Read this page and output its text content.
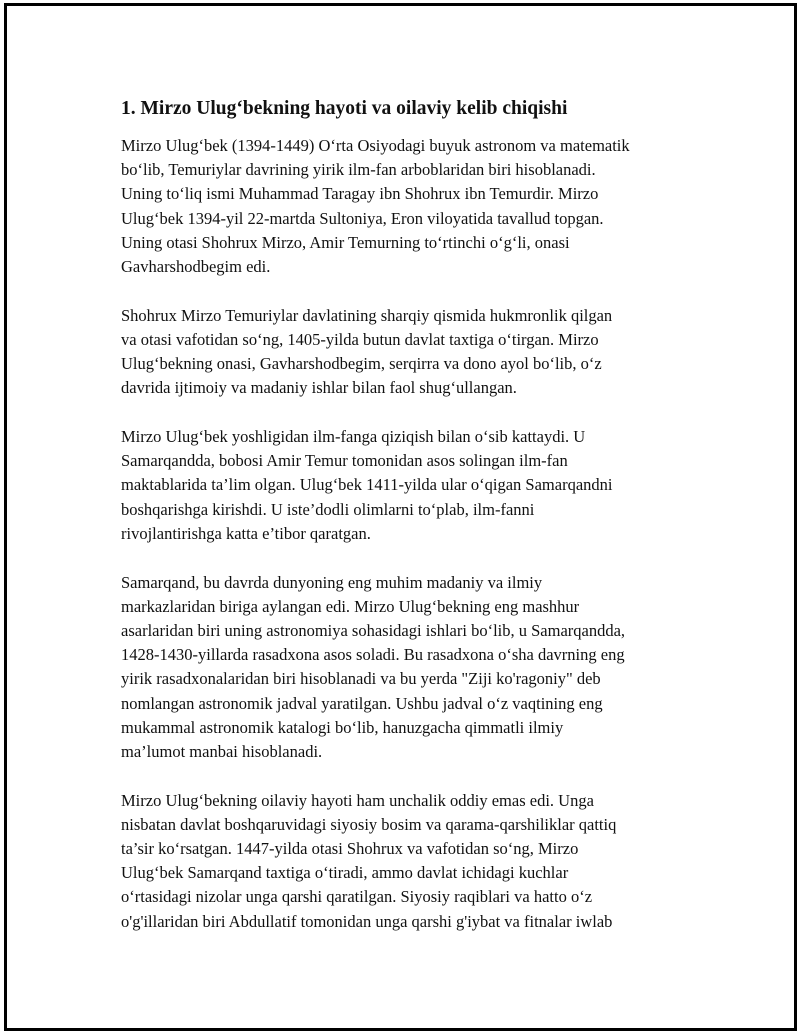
1. Mirzo Ulug‘bekning hayoti va oilaviy kelib chiqishi
Mirzo Ulug‘bek (1394-1449) O‘rta Osiyodagi buyuk astronom va matematik
bo‘lib, Temuriylar davrining yirik ilm-fan arboblaridan biri hisoblanadi.
Uning to‘liq ismi Muhammad Taragay ibn Shohrux ibn Temurdir. Mirzo
Ulug‘bek 1394-yil 22-martda Sultoniya, Eron viloyatida tavallud topgan.
Uning otasi Shohrux Mirzo, Amir Temurning to‘rtinchi o‘g‘li, onasi
Gavharshodbegim edi.
Shohrux Mirzo Temuriylar davlatining sharqiy qismida hukmronlik qilgan
va otasi vafotidan so‘ng, 1405-yilda butun davlat taxtiga o‘tirgan. Mirzo
Ulug‘bekning onasi, Gavharshodbegim, serqirra va dono ayol bo‘lib, o‘z
davrida ijtimoiy va madaniy ishlar bilan faol shug‘ullangan.
Mirzo Ulug‘bek yoshligidan ilm-fanga qiziqish bilan o‘sib kattaydi. U
Samarqandda, bobosi Amir Temur tomonidan asos solingan ilm-fan
maktablarida ta’lim olgan. Ulug‘bek 1411-yilda ular o‘qigan Samarqandni
boshqarishga kirishdi. U iste’dodli olimlarni to‘plab, ilm-fanni
rivojlantirishga katta e’tibor qaratgan.
Samarqand, bu davrda dunyoning eng muhim madaniy va ilmiy
markazlaridan biriga aylangan edi. Mirzo Ulug‘bekning eng mashhur
asarlaridan biri uning astronomiya sohasidagi ishlari bo‘lib, u Samarqandda,
1428-1430-yillarda rasadxona asos soladi. Bu rasadxona o‘sha davrning eng
yirik rasadxonalaridan biri hisoblanadi va bu yerda "Ziji ko'ragoniy" deb
nomlangan astronomik jadval yaratilgan. Ushbu jadval o‘z vaqtining eng
mukammal astronomik katalogi bo‘lib, hanuzgacha qimmatli ilmiy
ma’lumot manbai hisoblanadi.
Mirzo Ulug‘bekning oilaviy hayoti ham unchalik oddiy emas edi. Unga
nisbatan davlat boshqaruvidagi siyosiy bosim va qarama-qarshiliklar qattiq
ta’sir ko‘rsatgan. 1447-yilda otasi Shohrux va vafotidan so‘ng, Mirzo
Ulug‘bek Samarqand taxtiga o‘tiradi, ammo davlat ichidagi kuchlar
o‘rtasidagi nizolar unga qarshi qaratilgan. Siyosiy raqiblari va hatto o‘z
o'g'illaridan biri Abdullatif tomonidan unga qarshi g'iybat va fitnalar iwlab
